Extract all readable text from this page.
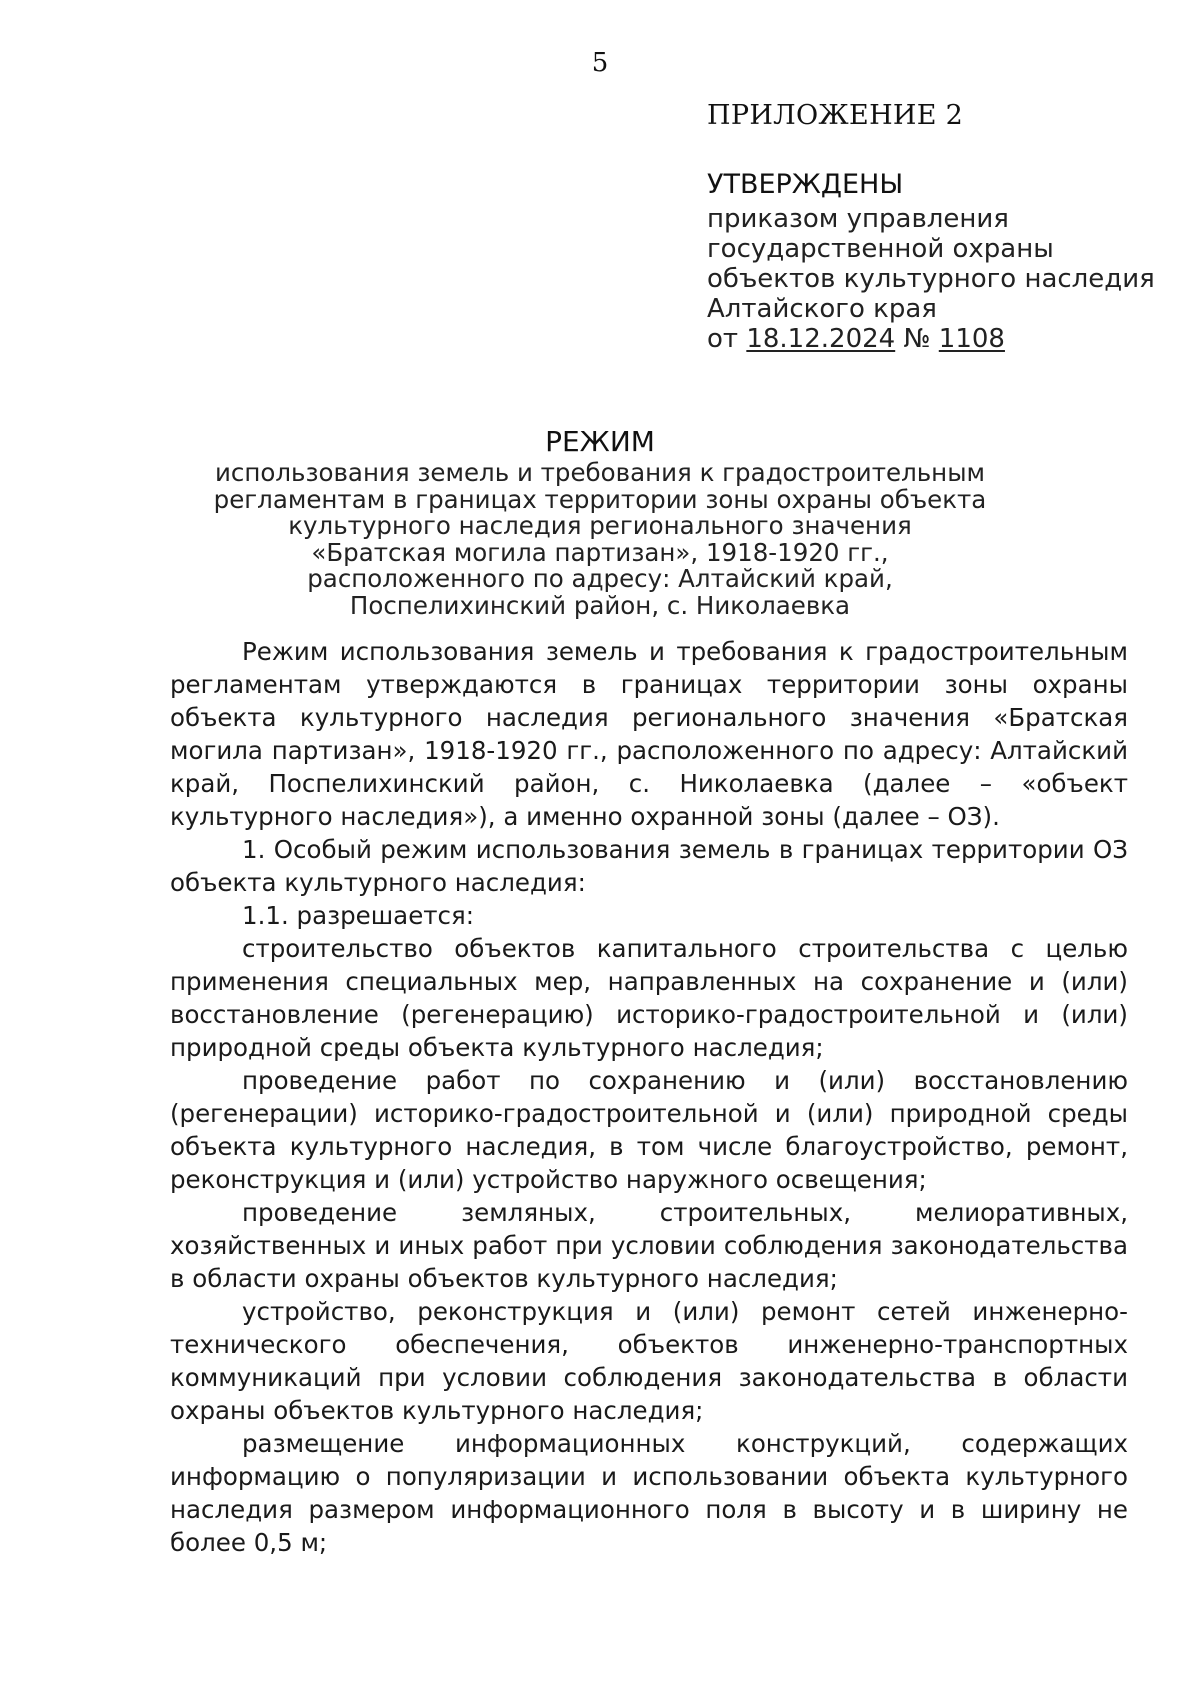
5
ПРИЛОЖЕНИЕ 2
УТВЕРЖДЕНЫ
приказом управления
государственной охраны
объектов культурного наследия
Алтайского края
от 18.12.2024 № 1108
РЕЖИМ
использования земель и требования к градостроительным
регламентам в границах территории зоны охраны объекта
культурного наследия регионального значения
«Братская могила партизан», 1918-1920 гг.,
расположенного по адресу: Алтайский край,
Поспелихинский район, с. Николаевка

Режим использования земель и требования к градостроительным регламентам утверждаются в границах территории зоны охраны объекта культурного наследия регионального значения «Братская могила партизан», 1918-1920 гг., расположенного по адресу: Алтайский край, Поспелихинский район, с. Николаевка (далее – «объект культурного наследия»), а именно охранной зоны (далее – ОЗ).

1. Особый режим использования земель в границах территории ОЗ объекта культурного наследия:

1.1. разрешается:

строительство объектов капитального строительства с целью применения специальных мер, направленных на сохранение и (или) восстановление (регенерацию) историко-градостроительной и (или) природной среды объекта культурного наследия;

проведение работ по сохранению и (или) восстановлению (регенерации) историко-градостроительной и (или) природной среды объекта культурного наследия, в том числе благоустройство, ремонт, реконструкция и (или) устройство наружного освещения;

проведение земляных, строительных, мелиоративных, хозяйственных и иных работ при условии соблюдения законодательства в области охраны объектов культурного наследия;

устройство, реконструкция и (или) ремонт сетей инженерно-технического обеспечения, объектов инженерно-транспортных коммуникаций при условии соблюдения законодательства в области охраны объектов культурного наследия;

размещение информационных конструкций, содержащих информацию о популяризации и использовании объекта культурного наследия размером информационного поля в высоту и в ширину не более 0,5 м;
